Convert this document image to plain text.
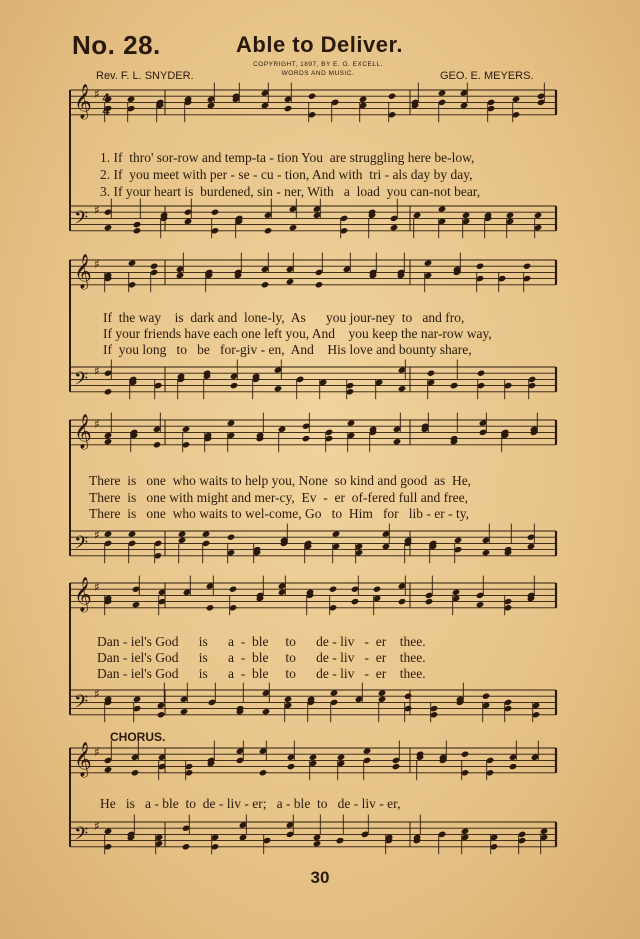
No. 28.	Able to Deliver.
COPYRIGHT, 1897, BY E. O. EXCELL.
WORDS AND MUSIC.
Rev. F. L. SNYDER.	GEO. E. MEYERS.
𝄞 ♯ 4
4
𝄢 ♯
𝄞 ♯
𝄢 ♯
𝄞 ♯
𝄢 ♯
𝄞 ♯
𝄢 ♯
𝄞 ♯
𝄢 ♯
1. If  thro' sor-row and temp-ta - tion You  are struggling here be-low,
2. If  you meet with per - se - cu - tion, And with  tri - als day by day,
3. If your heart is  burdened, sin - ner, With   a  load  you can-not bear,
If  the way    is  dark and  lone-ly,  As      you jour-ney  to   and fro,
If your friends have each one left you, And    you keep the nar-row way,
If  you long   to   be   for-giv - en,  And    His love and bounty share,
There  is   one  who waits to help you, None  so kind and good  as  He,
There  is   one with might and mer-cy,  Ev  -  er  of-fered full and free,
There  is   one  who waits to wel-come, Go   to  Him   for   lib - er - ty,
Dan - iel's God      is      a  -  ble     to      de - liv   -  er    thee.
Dan - iel's God      is      a  -  ble     to      de - liv   -  er    thee.
Dan - iel's God      is      a  -  ble     to      de - liv   -  er    thee.
CHORUS.
He   is   a - ble  to  de - liv - er;   a - ble  to   de - liv - er,
30
